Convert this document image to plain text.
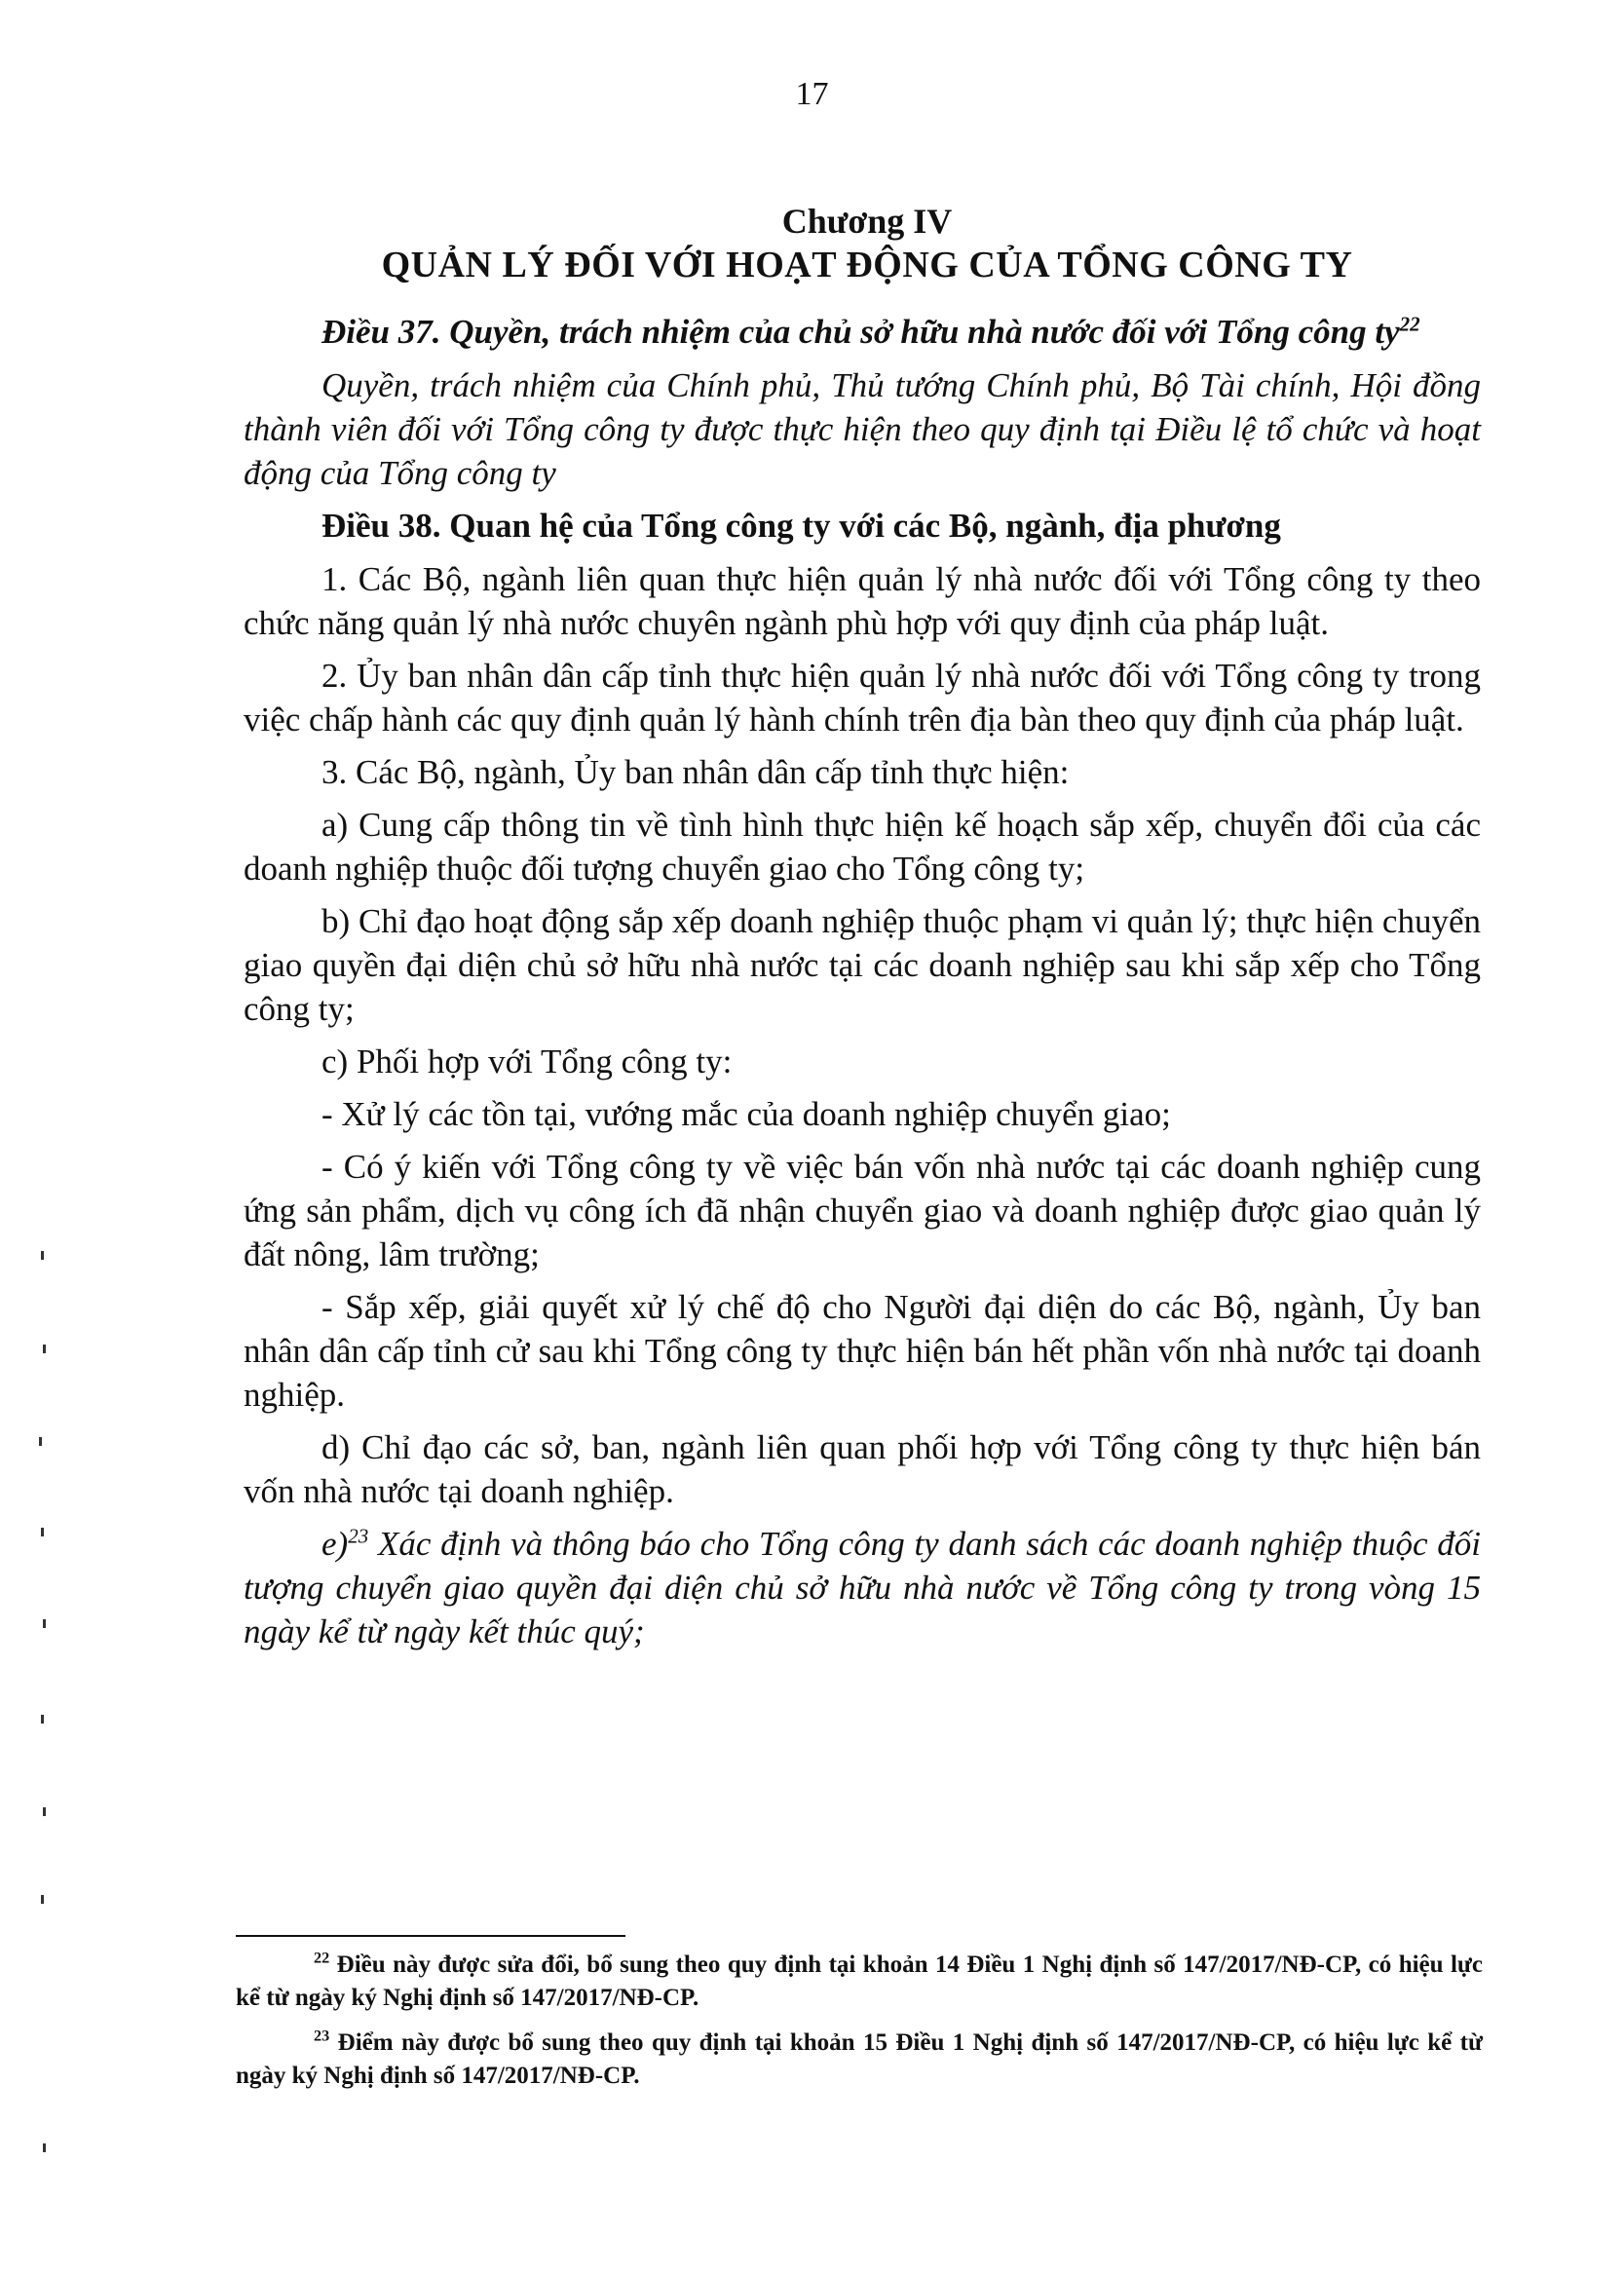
17
Chương IV
QUẢN LÝ ĐỐI VỚI HOẠT ĐỘNG CỦA TỔNG CÔNG TY

Điều 37. Quyền, trách nhiệm của chủ sở hữu nhà nước đối với Tổng công $ty^{22}$

Quyền, trách nhiệm của Chính phủ, Thủ tướng Chính phủ, Bộ Tài chính, Hội đồng thành viên đối với Tổng công ty được thực hiện theo quy định tại Điều lệ tổ chức và hoạt động của Tổng công ty

Điều 38. Quan hệ của Tổng công ty với các Bộ, ngành, địa phương

1. Các Bộ, ngành liên quan thực hiện quản lý nhà nước đối với Tổng công ty theo chức năng quản lý nhà nước chuyên ngành phù hợp với quy định của pháp luật.

2. Ủy ban nhân dân cấp tỉnh thực hiện quản lý nhà nước đối với Tổng công ty trong việc chấp hành các quy định quản lý hành chính trên địa bàn theo quy định của pháp luật.

3. Các Bộ, ngành, Ủy ban nhân dân cấp tỉnh thực hiện:

a) Cung cấp thông tin về tình hình thực hiện kế hoạch sắp xếp, chuyển đổi của các doanh nghiệp thuộc đối tượng chuyển giao cho Tổng công ty;

b) Chỉ đạo hoạt động sắp xếp doanh nghiệp thuộc phạm vi quản lý; thực hiện chuyển giao quyền đại diện chủ sở hữu nhà nước tại các doanh nghiệp sau khi sắp xếp cho Tổng công ty;

c) Phối hợp với Tổng công ty:

- Xử lý các tồn tại, vướng mắc của doanh nghiệp chuyển giao;

- Có ý kiến với Tổng công ty về việc bán vốn nhà nước tại các doanh nghiệp cung ứng sản phẩm, dịch vụ công ích đã nhận chuyển giao và doanh nghiệp được giao quản lý đất nông, lâm trường;

- Sắp xếp, giải quyết xử lý chế độ cho Người đại diện do các Bộ, ngành, Ủy ban nhân dân cấp tỉnh cử sau khi Tổng công ty thực hiện bán hết phần vốn nhà nước tại doanh nghiệp.

d) Chỉ đạo các sở, ban, ngành liên quan phối hợp với Tổng công ty thực hiện bán vốn nhà nước tại doanh nghiệp.

e)$^{23}$ Xác định và thông báo cho Tổng công ty danh sách các doanh nghiệp thuộc đối tượng chuyển giao quyền đại diện chủ sở hữu nhà nước về Tổng công ty trong vòng 15 ngày kể từ ngày kết thúc quý;

$^{22}$ Điều này được sửa đổi, bổ sung theo quy định tại khoản 14 Điều 1 Nghị định số 147/2017/NĐ-CP, có hiệu lực kể từ ngày ký Nghị định số 147/2017/NĐ-CP.

$^{23}$ Điểm này được bổ sung theo quy định tại khoản 15 Điều 1 Nghị định số 147/2017/NĐ-CP, có hiệu lực kể từ ngày ký Nghị định số 147/2017/NĐ-CP.
